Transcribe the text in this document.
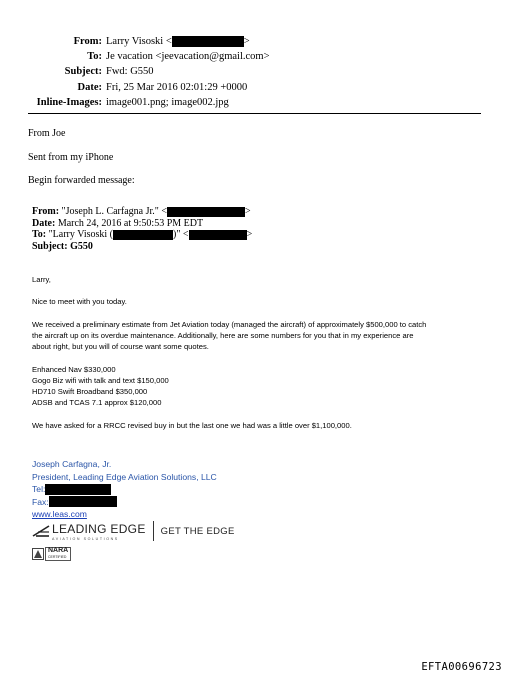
From: Larry Visoski <	>
To: Je vacation <jeevacation@gmail.com>
Subject: Fwd: G550
Date: Fri, 25 Mar 2016 02:01:29 +0000
Inline-Images: image001.png; image002.jpg
From Joe
Sent from my iPhone
Begin forwarded message:
From: "Joseph L. Carfagna Jr." <	>
Date: March 24, 2016 at 9:50:53 PM EDT
To: "Larry Visoski (	)" <	>
Subject: G550
Larry,
Nice to meet with you today.

We received a preliminary estimate from Jet Aviation today (managed the aircraft) of approximately $500,000 to catch

the aircraft up on its overdue maintenance. Additionally, here are some numbers for you that in my experience are

about right, but you will of course want some quotes.

Enhanced Nav $330,000

Gogo Biz wifi with talk and text $150,000

HD710 Swift Broadband $350,000

ADSB and TCAS 7.1 approx $120,000

We have asked for a RRCC revised buy in but the last one we had was a little over $1,100,000.
Joseph Carfagna, Jr.
President, Leading Edge Aviation Solutions, LLC
Tel:
Fax:
www.leas.com
LEADING EDGE
AVIATION SOLUTIONS
GET THE EDGE
NARA
CERTIFIED
EFTA00696723
